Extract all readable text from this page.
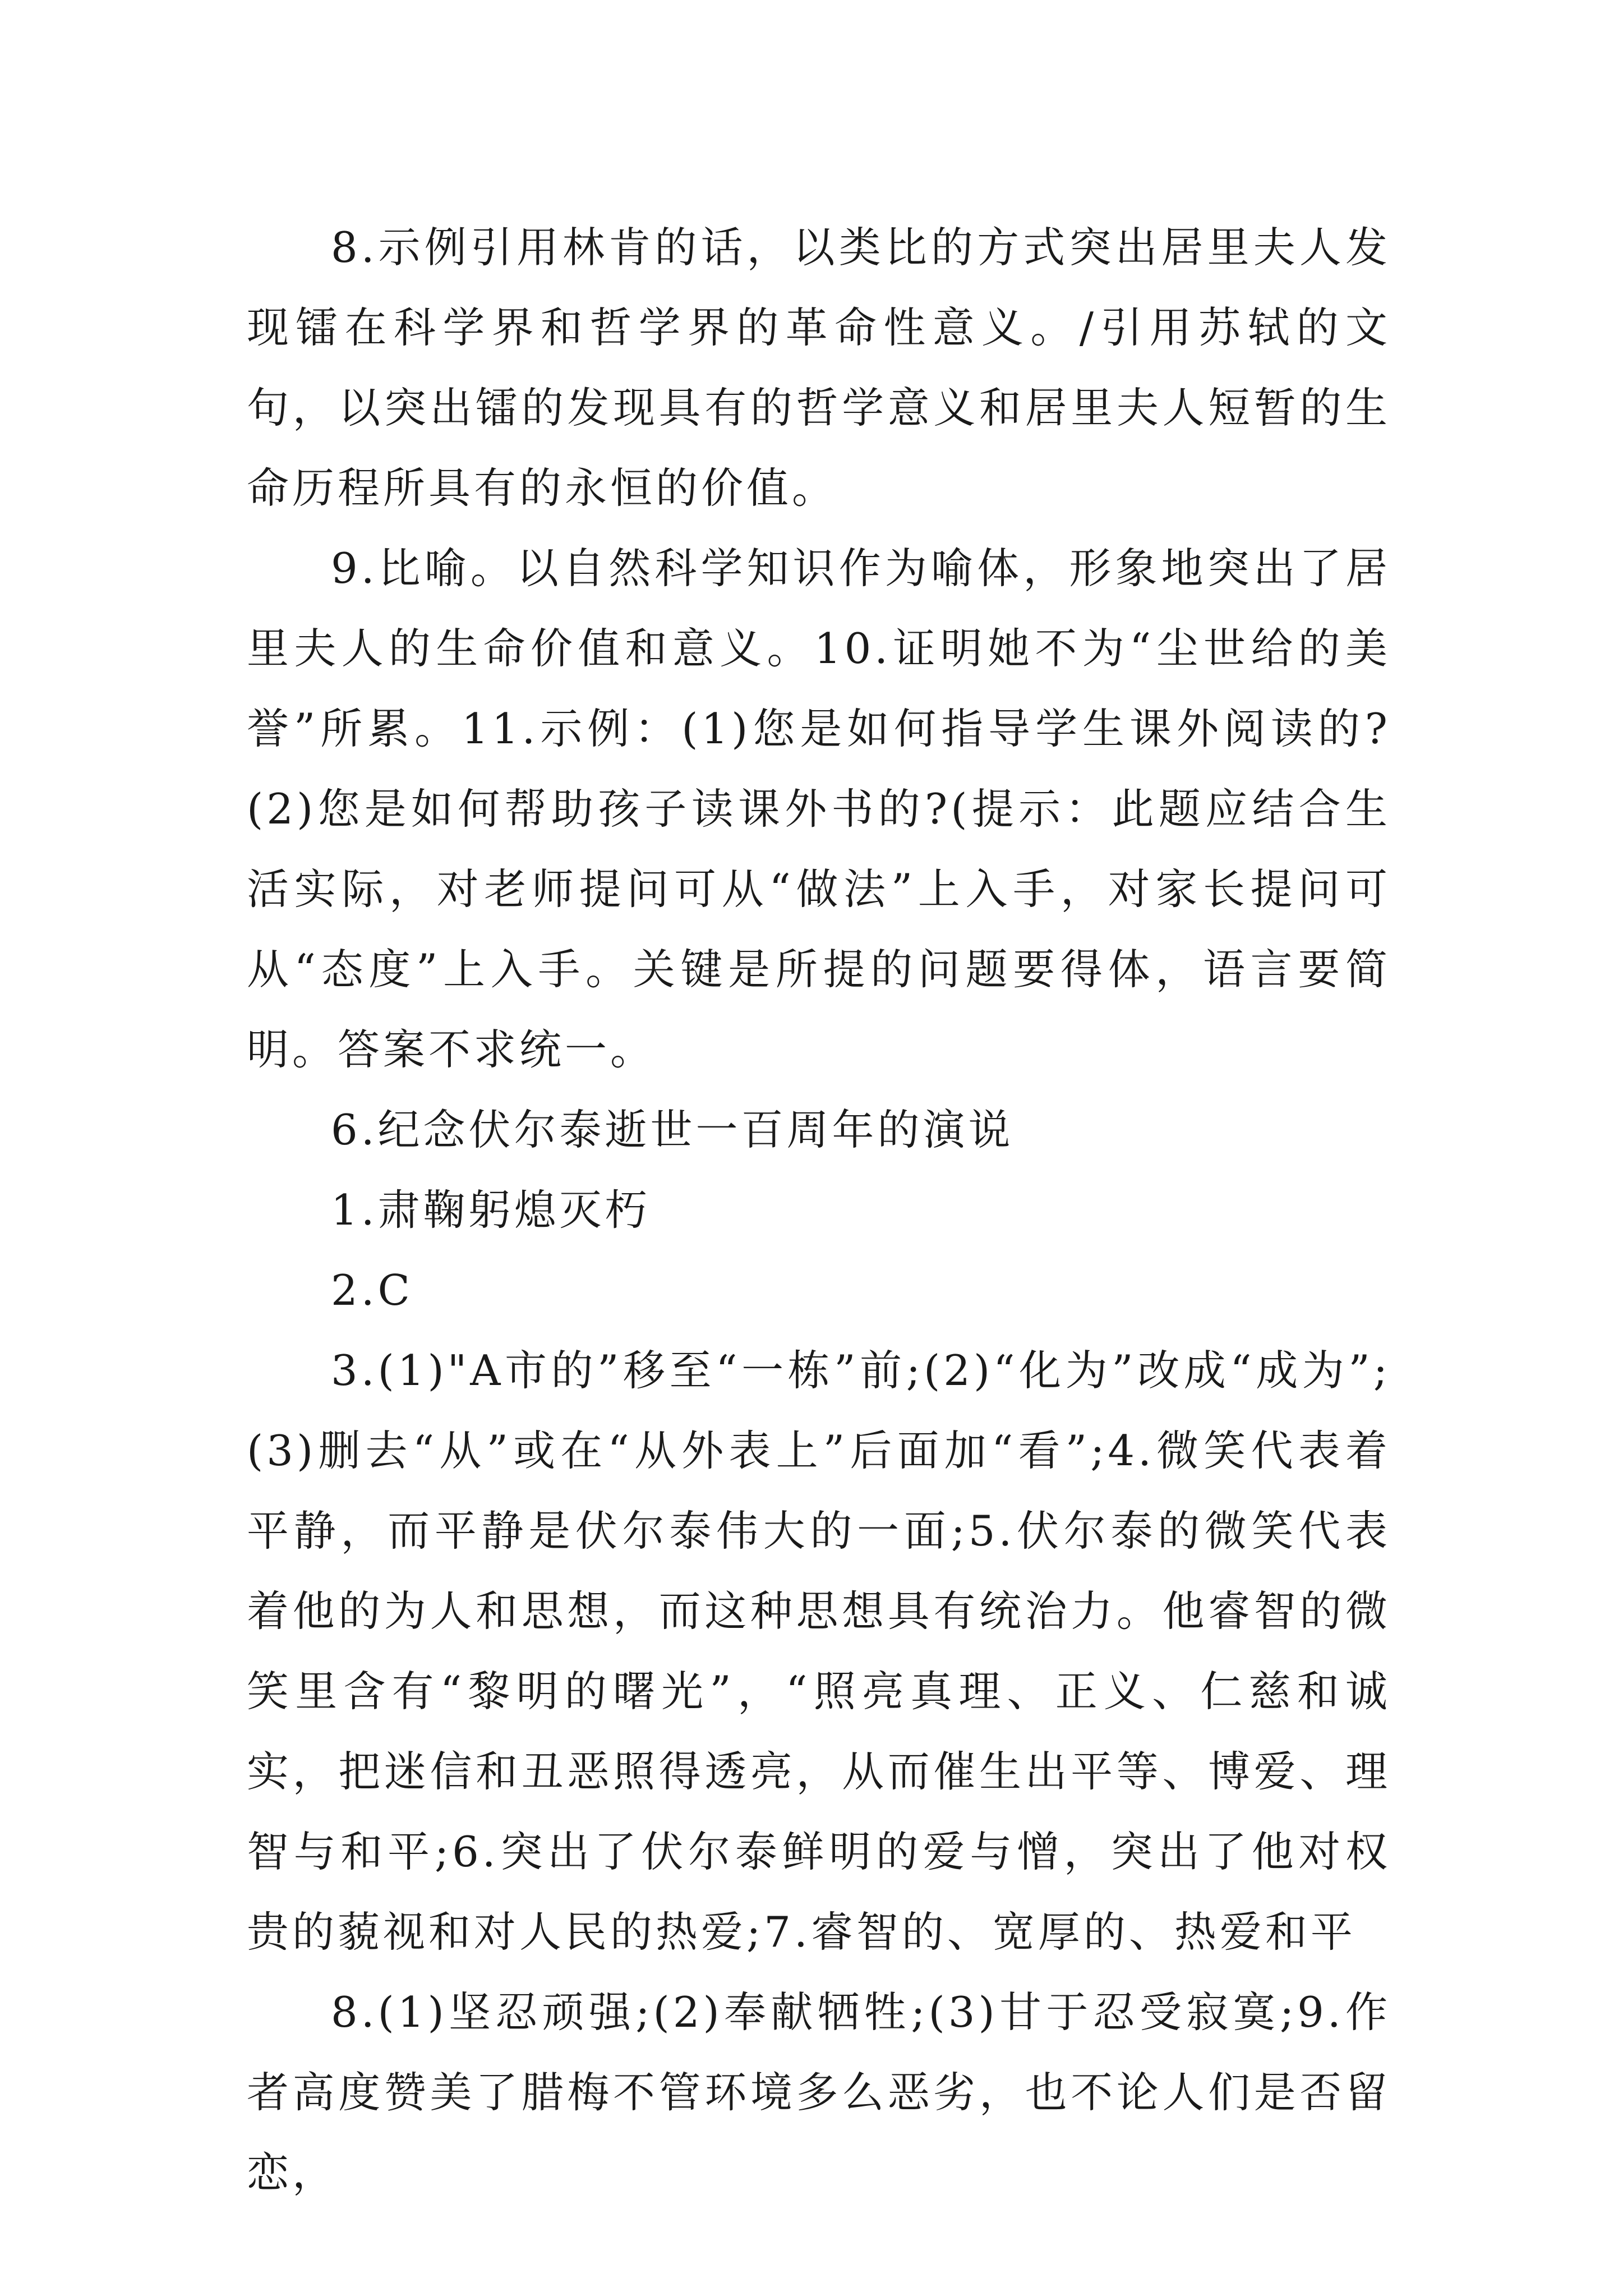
8.示例引用林肯的话，以类比的方式突出居里夫人发现镭在科学界和哲学界的革命性意义。/引用苏轼的文句，以突出镭的发现具有的哲学意义和居里夫人短暂的生命历程所具有的永恒的价值。

9.比喻。以自然科学知识作为喻体，形象地突出了居里夫人的生命价值和意义。10.证明她不为“尘世给的美誉”所累。11.示例：(1)您是如何指导学生课外阅读的?(2)您是如何帮助孩子读课外书的?(提示：此题应结合生活实际，对老师提问可从“做法”上入手，对家长提问可从“态度”上入手。关键是所提的问题要得体，语言要简明。答案不求统一。

6.纪念伏尔泰逝世一百周年的演说

1.肃鞠躬熄灭朽

2.C

3.(1)"A市的”移至“一栋”前;(2)“化为”改成“成为”;(3)删去“从”或在“从外表上”后面加“看”;4.微笑代表着平静，而平静是伏尔泰伟大的一面;5.伏尔泰的微笑代表着他的为人和思想，而这种思想具有统治力。他睿智的微笑里含有“黎明的曙光”，“照亮真理、正义、仁慈和诚实，把迷信和丑恶照得透亮，从而催生出平等、博爱、理智与和平;6.突出了伏尔泰鲜明的爱与憎，突出了他对权贵的藐视和对人民的热爱;7.睿智的、宽厚的、热爱和平

8.(1)坚忍顽强;(2)奉献牺牲;(3)甘于忍受寂寞;9.作者高度赞美了腊梅不管环境多么恶劣，也不论人们是否留恋，
